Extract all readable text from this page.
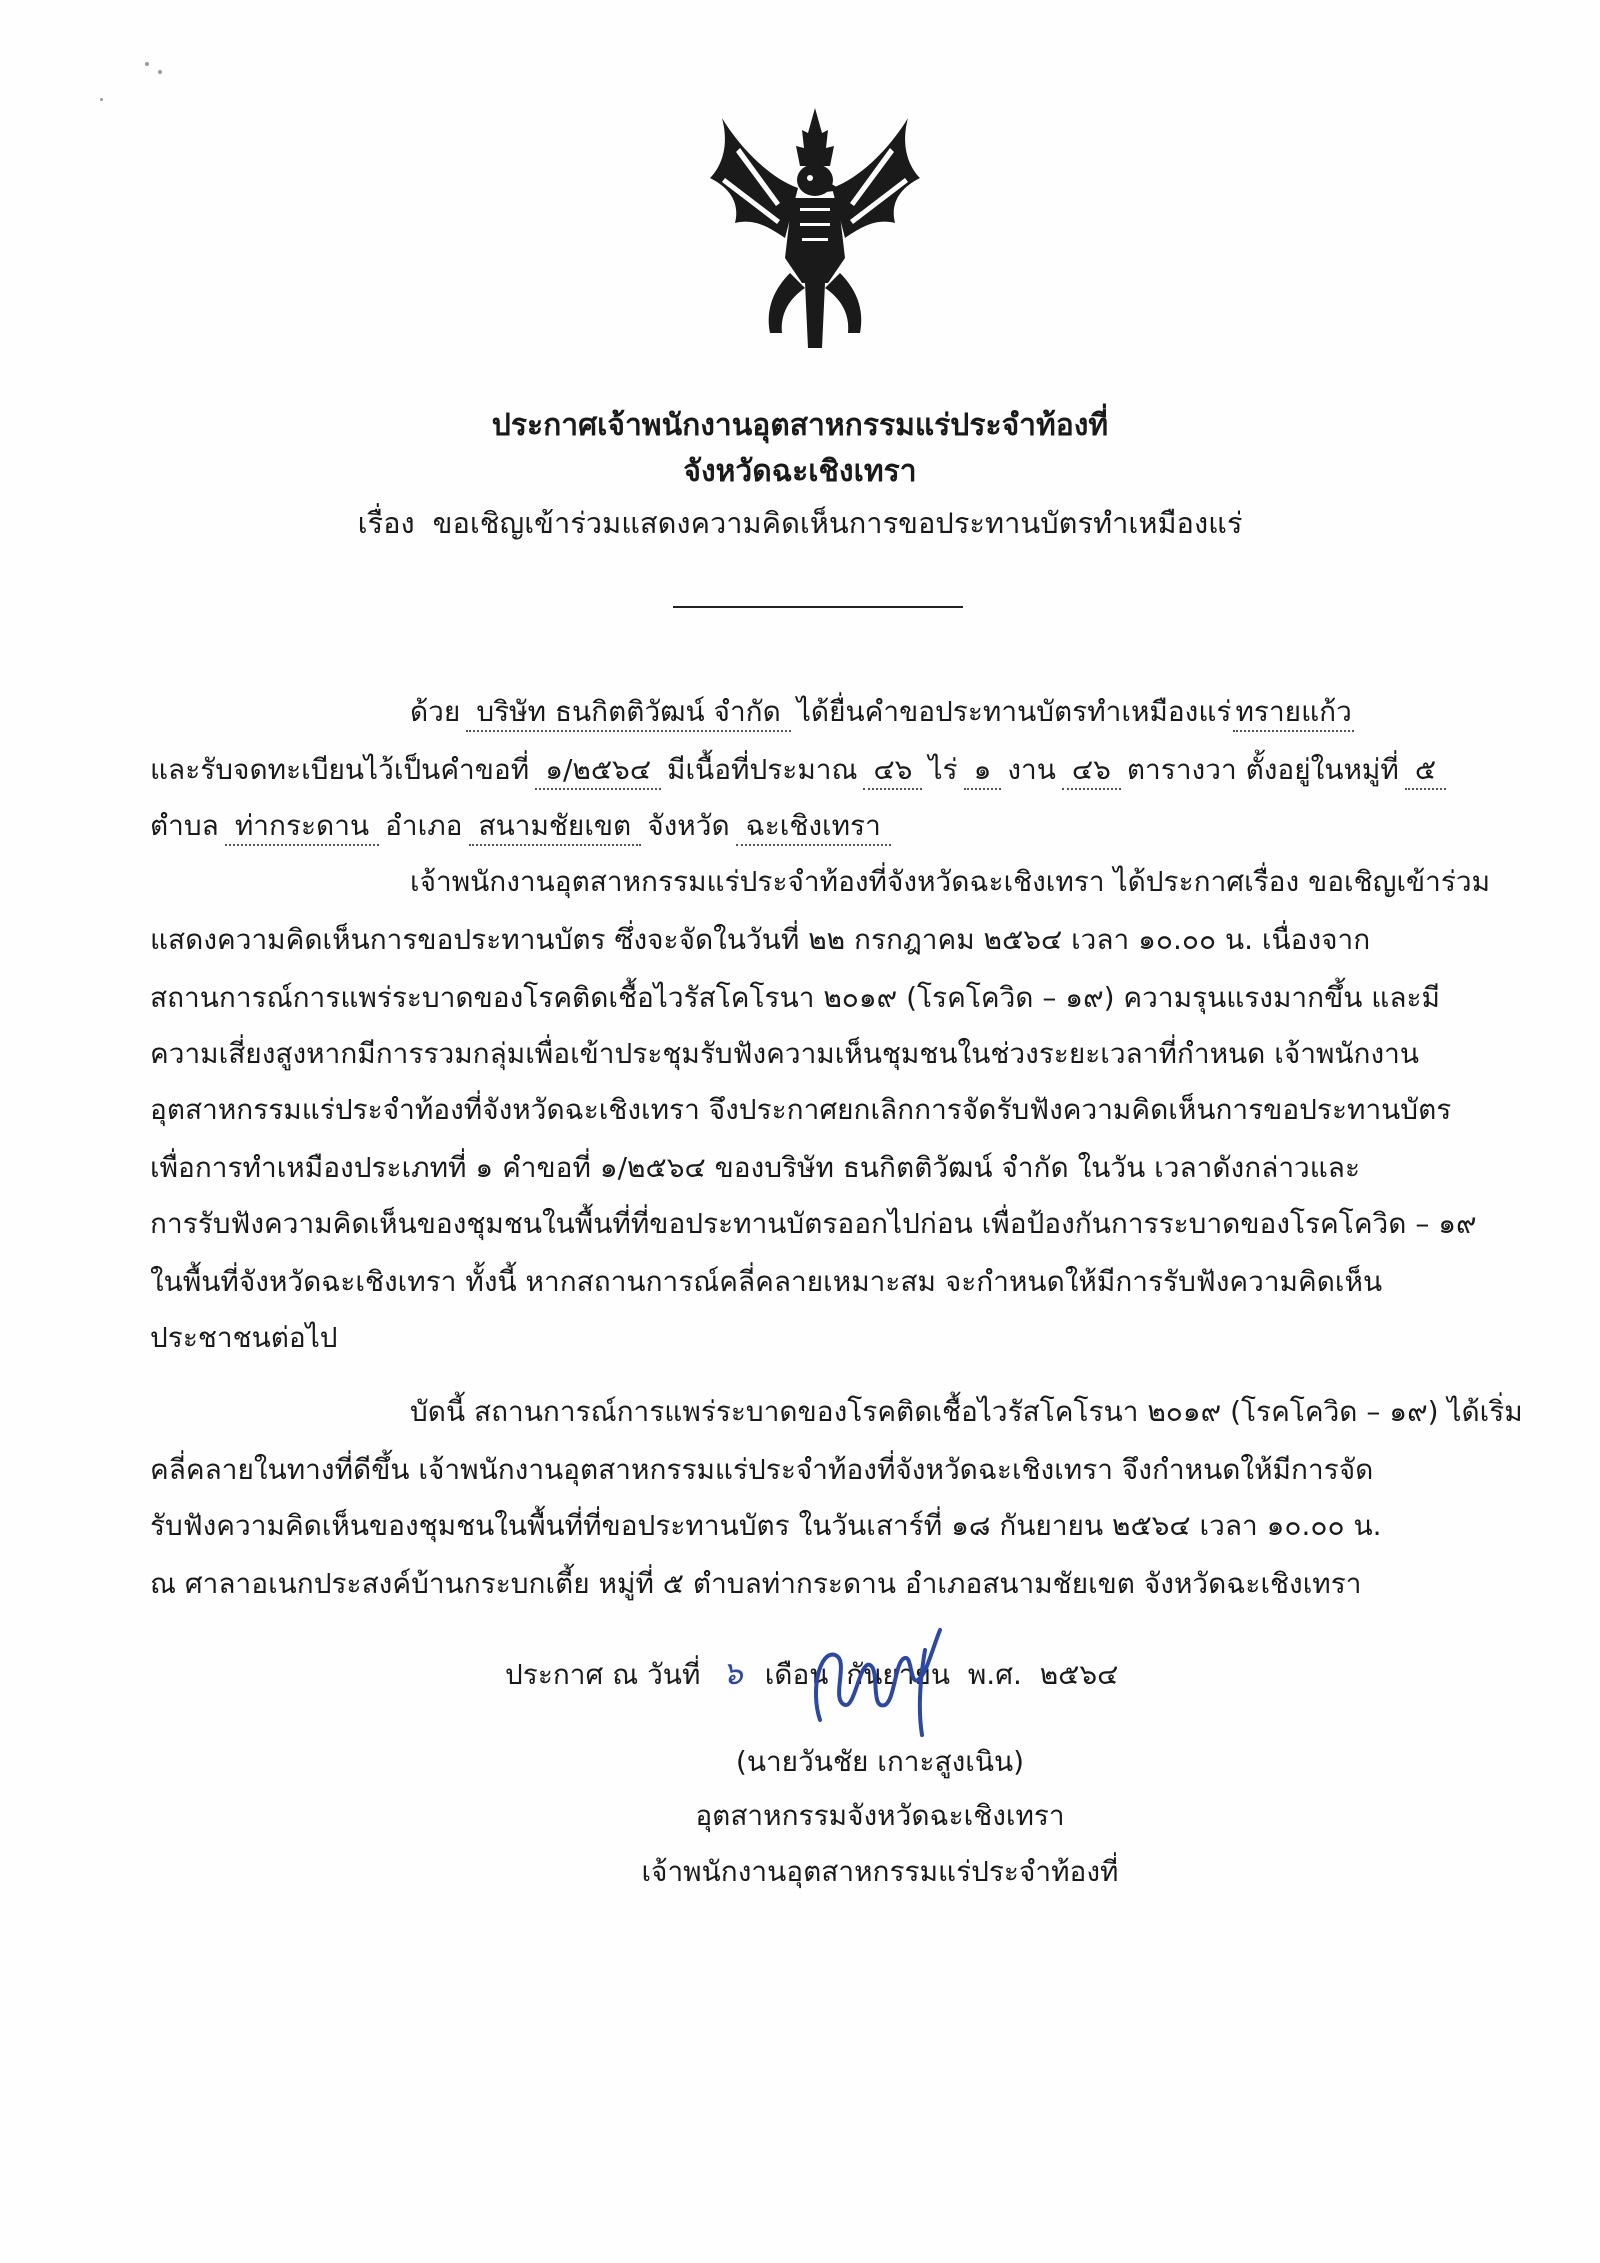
ประกาศเจ้าพนักงานอุตสาหกรรมแร่ประจำท้องที่
จังหวัดฉะเชิงเทรา
เรื่อง ขอเชิญเข้าร่วมแสดงความคิดเห็นการขอประทานบัตรทำเหมืองแร่
ด้วย บริษัท ธนกิตติวัฒน์ จำกัด ได้ยื่นคำขอประทานบัตรทำเหมืองแร่ ทรายแก้ว
และรับจดทะเบียนไว้เป็นคำขอที่ ๑/๒๕๖๔ มีเนื้อที่ประมาณ ๔๖ ไร่ ๑ งาน ๔๖ ตารางวา ตั้งอยู่ในหมู่ที่ ๕
ตำบล ท่ากระดาน อำเภอ สนามชัยเขต จังหวัด ฉะเชิงเทรา
เจ้าพนักงานอุตสาหกรรมแร่ประจำท้องที่จังหวัดฉะเชิงเทรา ได้ประกาศเรื่อง ขอเชิญเข้าร่วม
แสดงความคิดเห็นการขอประทานบัตร ซึ่งจะจัดในวันที่ ๒๒ กรกฎาคม ๒๕๖๔ เวลา ๑๐.๐๐ น. เนื่องจาก
สถานการณ์การแพร่ระบาดของโรคติดเชื้อไวรัสโคโรนา ๒๐๑๙ (โรคโควิด – ๑๙) ความรุนแรงมากขึ้น และมี
ความเสี่ยงสูงหากมีการรวมกลุ่มเพื่อเข้าประชุมรับฟังความเห็นชุมชนในช่วงระยะเวลาที่กำหนด เจ้าพนักงาน
อุตสาหกรรมแร่ประจำท้องที่จังหวัดฉะเชิงเทรา จึงประกาศยกเลิกการจัดรับฟังความคิดเห็นการขอประทานบัตร
เพื่อการทำเหมืองประเภทที่ ๑ คำขอที่ ๑/๒๕๖๔ ของบริษัท ธนกิตติวัฒน์ จำกัด ในวัน เวลาดังกล่าวและ
การรับฟังความคิดเห็นของชุมชนในพื้นที่ที่ขอประทานบัตรออกไปก่อน เพื่อป้องกันการระบาดของโรคโควิด – ๑๙
ในพื้นที่จังหวัดฉะเชิงเทรา ทั้งนี้ หากสถานการณ์คลี่คลายเหมาะสม จะกำหนดให้มีการรับฟังความคิดเห็น
ประชาชนต่อไป
บัดนี้ สถานการณ์การแพร่ระบาดของโรคติดเชื้อไวรัสโคโรนา ๒๐๑๙ (โรคโควิด – ๑๙) ได้เริ่ม
คลี่คลายในทางที่ดีขึ้น เจ้าพนักงานอุตสาหกรรมแร่ประจำท้องที่จังหวัดฉะเชิงเทรา จึงกำหนดให้มีการจัด
รับฟังความคิดเห็นของชุมชนในพื้นที่ที่ขอประทานบัตร ในวันเสาร์ที่ ๑๘ กันยายน ๒๕๖๔ เวลา ๑๐.๐๐ น.
ณ ศาลาอเนกประสงค์บ้านกระบกเตี้ย หมู่ที่ ๕ ตำบลท่ากระดาน อำเภอสนามชัยเขต จังหวัดฉะเชิงเทรา
ประกาศ ณ วันที่ ๖ เดือน กันยายน พ.ศ. ๒๕๖๔
(นายวันชัย เกาะสูงเนิน)
อุตสาหกรรมจังหวัดฉะเชิงเทรา
เจ้าพนักงานอุตสาหกรรมแร่ประจำท้องที่
